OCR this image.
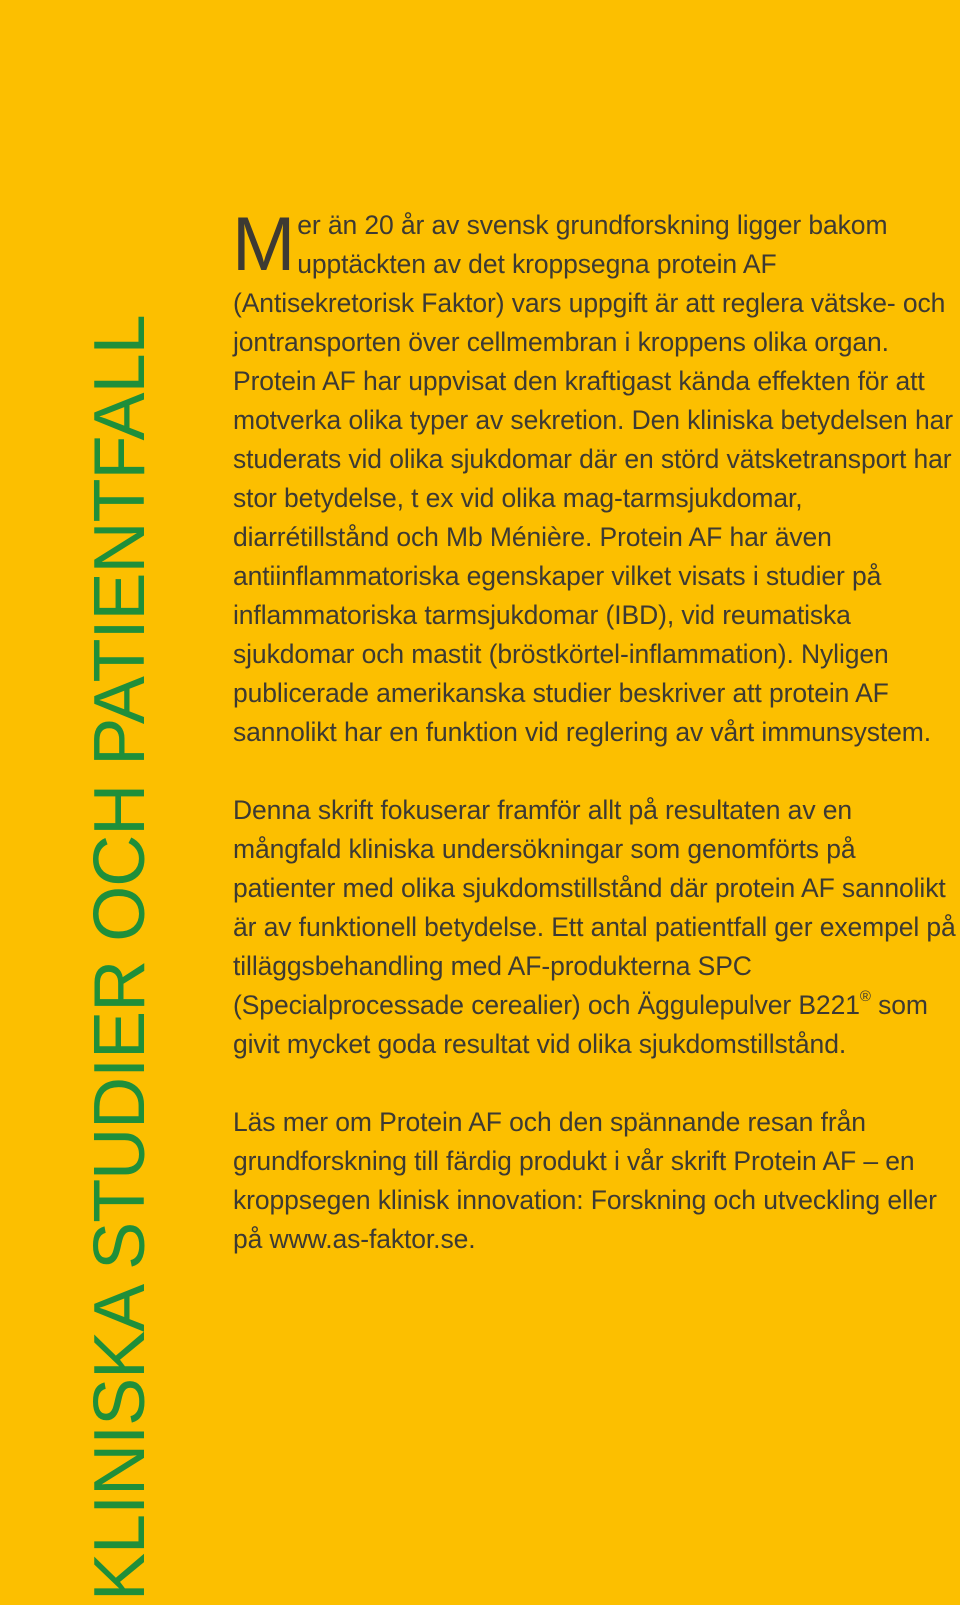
KLINISKA STUDIER OCH PATIENTFALL

Mer än 20 år av svensk grundforskning ligger bakom upptäckten av det kroppsegna protein AF (Antisekretorisk Faktor) vars uppgift är att reglera vätske- och jontransporten över cellmembran i kroppens olika organ. Protein AF har uppvisat den kraftigast kända effekten för att motverka olika typer av sekretion. Den kliniska betydelsen har studerats vid olika sjukdomar där en störd vätsketransport har stor betydelse, t ex vid olika mag-tarmsjukdomar, diarrétillstånd och Mb Ménière. Protein AF har även antiinflammatoriska egenskaper vilket visats i studier på inflammatoriska tarmsjukdomar (IBD), vid reumatiska sjukdomar och mastit (bröstkörtel-inflammation). Nyligen publicerade amerikanska studier beskriver att protein AF sannolikt har en funktion vid reglering av vårt immunsystem.

Denna skrift fokuserar framför allt på resultaten av en mångfald kliniska undersökningar som genomförts på patienter med olika sjukdomstillstånd där protein AF sannolikt är av funktionell betydelse. Ett antal patientfall ger exempel på tilläggsbehandling med AF-produkterna SPC (Specialprocessade cerealier) och Äggulepulver B221® som givit mycket goda resultat vid olika sjukdomstillstånd.

Läs mer om Protein AF och den spännande resan från grundforskning till färdig produkt i vår skrift Protein AF – en kroppsegen klinisk innovation: Forskning och utveckling eller på www.as-faktor.se.
